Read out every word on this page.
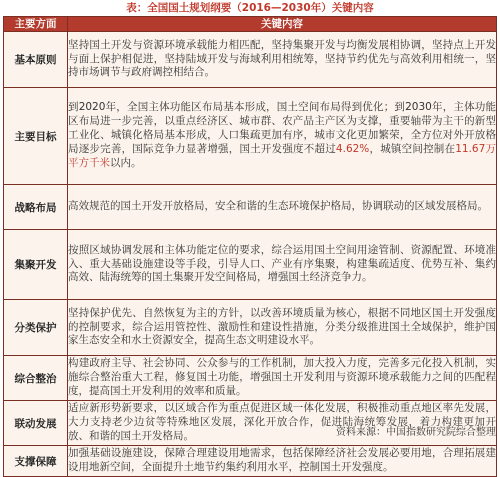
表：全国国土规划纲要（2016—2030年）关键内容
主要方面	关键内容
基本原则	坚持国土开发与资源环境承载能力相匹配，坚持集聚开发与均衡发展相协调，坚持点上开发与面上保护相促进，坚持陆域开发与海域利用相统筹，坚持节约优先与高效利用相统一，坚持市场调节与政府调控相结合。
主要目标	到2020年，全国主体功能区布局基本形成，国土空间布局得到优化；到2030年，主体功能区布局进一步完善，以重点经济区、城市群、农产品主产区为支撑，重要轴带为主干的新型工业化、城镇化格局基本形成，人口集疏更加有序，城市文化更加繁荣，全方位对外开放格局逐步完善，国际竞争力显著增强，国土开发强度不超过4.62%，城镇空间控制在11.67万平方千米以内。
战略布局	高效规范的国土开发开放格局，安全和谐的生态环境保护格局，协调联动的区域发展格局。
集聚开发	按照区域协调发展和主体功能定位的要求，综合运用国土空间用途管制、资源配置、环境准入、重大基础设施建设等手段，引导人口、产业有序集聚，构建集疏适度、优势互补、集约高效、陆海统筹的国土集聚开发空间格局，增强国土经济竞争力。
分类保护	坚持保护优先、自然恢复为主的方针，以改善环境质量为核心，根据不同地区国土开发强度的控制要求，综合运用管控性、激励性和建设性措施，分类分级推进国土全域保护，维护国家生态安全和水土资源安全，提高生态文明建设水平。
综合整治	构建政府主导、社会协同、公众参与的工作机制，加大投入力度，完善多元化投入机制，实施综合整治重大工程，修复国土功能，增强国土开发利用与资源环境承载能力之间的匹配程度，提高国土开发利用的效率和质量。
联动发展	适应新形势新要求，以区域合作为重点促进区域一体化发展，积极推动重点地区率先发展，大力支持老少边贫等特殊地区发展，深化开放合作，促进陆海统筹发展，着力构建更加开放、和谐的国土开发格局。
支撑保障	加强基础设施建设，保障合理建设用地需求，包括保障经济社会发展必要用地，合理拓展建设用地新空间，全面提升土地节约集约利用水平，控制国土开发强度。
资料来源：中国指数研究院综合整理
